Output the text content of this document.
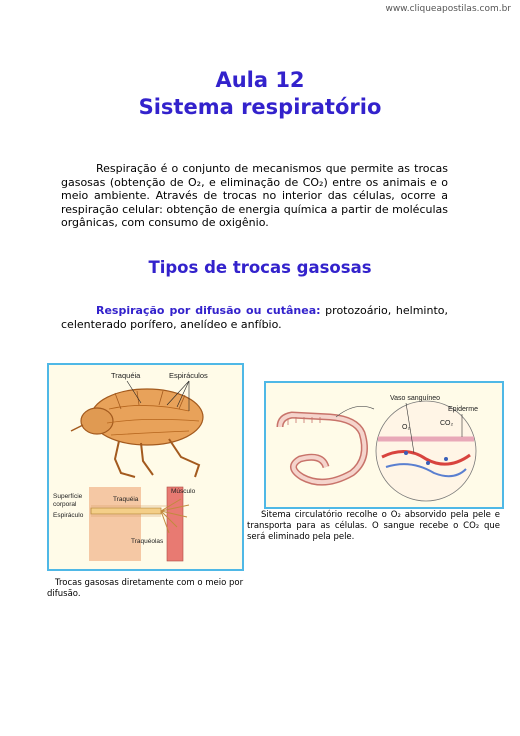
www.cliqueapostilas.com.br
Aula 12
Sistema respiratório

Respiração é o conjunto de mecanismos que permite as trocas gasosas (obtenção de O₂, e eliminação de CO₂) entre os animais e o meio ambiente. Através de trocas no interior das células, ocorre a respiração celular: obtenção de energia química a partir de moléculas orgânicas, com consumo de oxigênio.

Tipos de trocas gasosas

Respiração por difusão ou cutânea: protozoário, helminto, celenterado porífero, anelídeo e anfíbio.

Traquéia	Espiráculos
Superfície
corporal
Espiráculo
Traquéia
Músculo
Traquéolas
Trocas gasosas diretamente com o meio por difusão.
Vaso sanguíneo
Epiderme
O₂
CO₂
Sitema circulatório recolhe o O₂ absorvido pela pele e transporta para as células. O sangue recebe o CO₂ que será eliminado pela pele.
